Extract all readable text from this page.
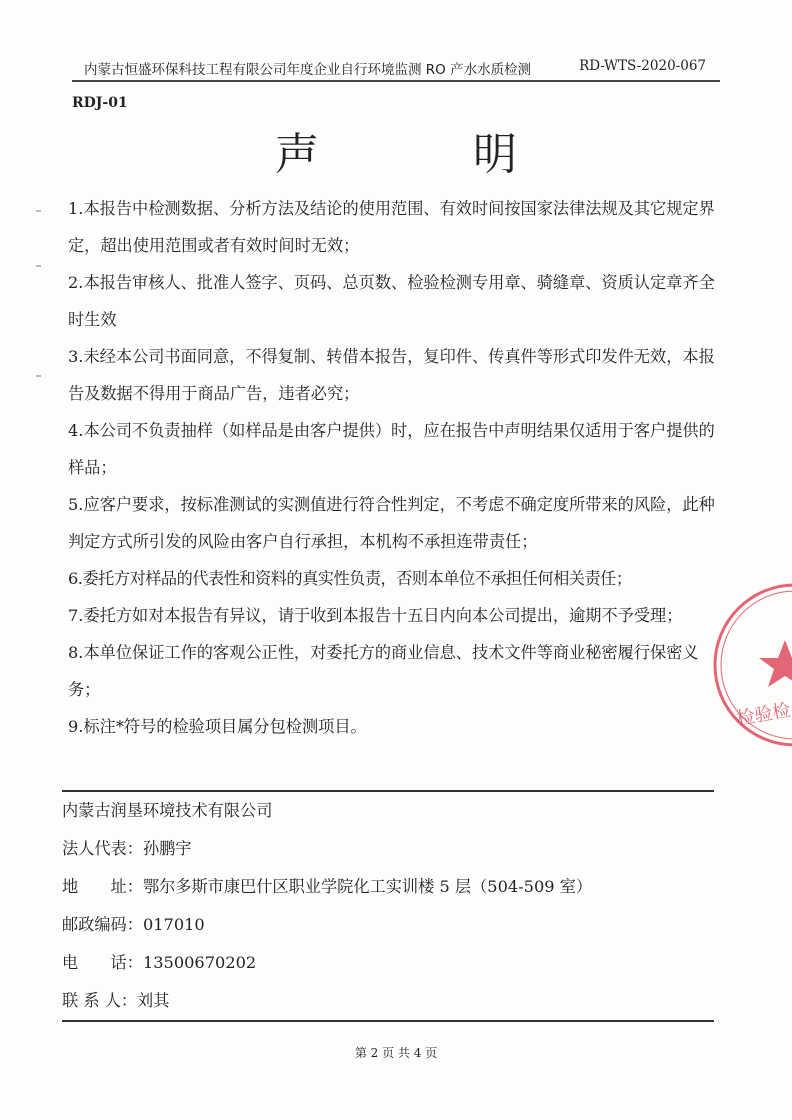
内蒙古恒盛环保科技工程有限公司年度企业自行环境监测 RO 产水水质检测	RD-WTS-2020-067
RDJ-01
声 明

1.本报告中检测数据、分析方法及结论的使用范围、有效时间按国家法律法规及其它规定界定，超出使用范围或者有效时间时无效；

2.本报告审核人、批准人签字、页码、总页数、检验检测专用章、骑缝章、资质认定章齐全时生效

3.未经本公司书面同意，不得复制、转借本报告，复印件、传真件等形式印发件无效，本报告及数据不得用于商品广告，违者必究；

4.本公司不负责抽样（如样品是由客户提供）时，应在报告中声明结果仅适用于客户提供的样品；

5.应客户要求，按标准测试的实测值进行符合性判定，不考虑不确定度所带来的风险，此种判定方式所引发的风险由客户自行承担，本机构不承担连带责任；

6.委托方对样品的代表性和资料的真实性负责，否则本单位不承担任何相关责任；

7.委托方如对本报告有异议，请于收到本报告十五日内向本公司提出，逾期不予受理；

8.本单位保证工作的客观公正性，对委托方的商业信息、技术文件等商业秘密履行保密义务；

9.标注*符号的检验项目属分包检测项目。

内蒙古润垦环境技术有限公司
法人代表：孙鹏宇
地　　址：鄂尔多斯市康巴什区职业学院化工实训楼 5 层（504-509 室）
邮政编码：017010
电　　话：13500670202
联 系 人：刘其
第 2 页 共 4 页
检验检
